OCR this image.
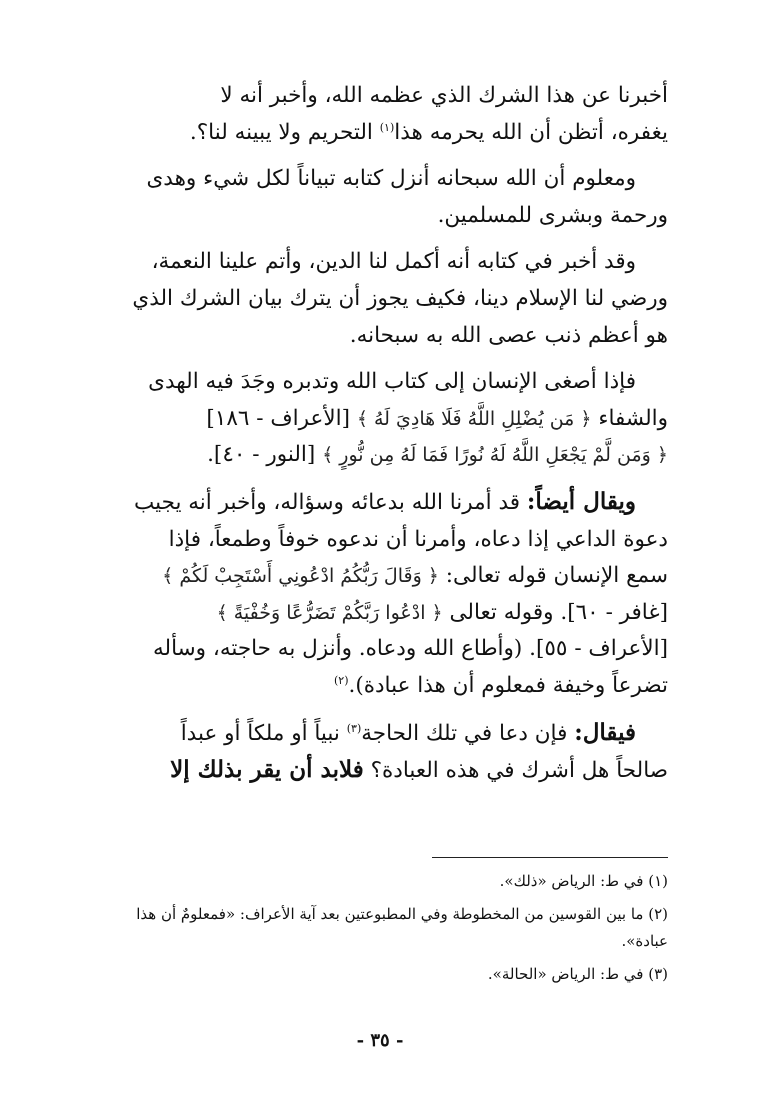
أخبرنا عن هذا الشرك الذي عظمه الله، وأخبر أنه لا
يغفره، أتظن أن الله يحرمه هذا$^{(١)}$ التحريم ولا يبينه لنا؟.

ومعلوم أن الله سبحانه أنزل كتابه تبياناً لكل شيء وهدى
ورحمة وبشرى للمسلمين.

وقد أخبر في كتابه أنه أكمل لنا الدين، وأتم علينا النعمة،
ورضي لنا الإسلام دينا، فكيف يجوز أن يترك بيان الشرك الذي
هو أعظم ذنب عصى الله به سبحانه.

فإذا أصغى الإنسان إلى كتاب الله وتدبره وجَدَ فيه الهدى
والشفاء ﴿ مَن يُضْلِلِ اللَّهُ فَلَا هَادِيَ لَهُ ﴾ [الأعراف - ١٨٦]
﴿ وَمَن لَّمْ يَجْعَلِ اللَّهُ لَهُ نُورًا فَمَا لَهُ مِن نُّورٍ ﴾ [النور - ٤٠].

ويقال أيضاً: قد أمرنا الله بدعائه وسؤاله، وأخبر أنه يجيب
دعوة الداعي إذا دعاه، وأمرنا أن ندعوه خوفاً وطمعاً، فإذا
سمع الإنسان قوله تعالى: ﴿ وَقَالَ رَبُّكُمُ ادْعُونِي أَسْتَجِبْ لَكُمْ ﴾
[غافر - ٦٠]. وقوله تعالى ﴿ ادْعُوا رَبَّكُمْ تَضَرُّعًا وَخُفْيَةً ﴾
[الأعراف - ٥٥]. (وأطاع الله ودعاه. وأنزل به حاجته، وسأله
تضرعاً وخيفة فمعلوم أن هذا عبادة).$^{(٢)}$

فيقال: فإن دعا في تلك الحاجة$^{(٣)}$ نبياً أو ملكاً أو عبداً
صالحاً هل أشرك في هذه العبادة؟ فلابد أن يقر بذلك إلا

(١) في ط: الرياض «ذلك».

(٢) ما بين القوسين من المخطوطة وفي المطبوعتين بعد آية الأعراف: «فمعلومٌ أن هذا عبادة».

(٣) في ط: الرياض «الحالة».

- ٣٥ -
